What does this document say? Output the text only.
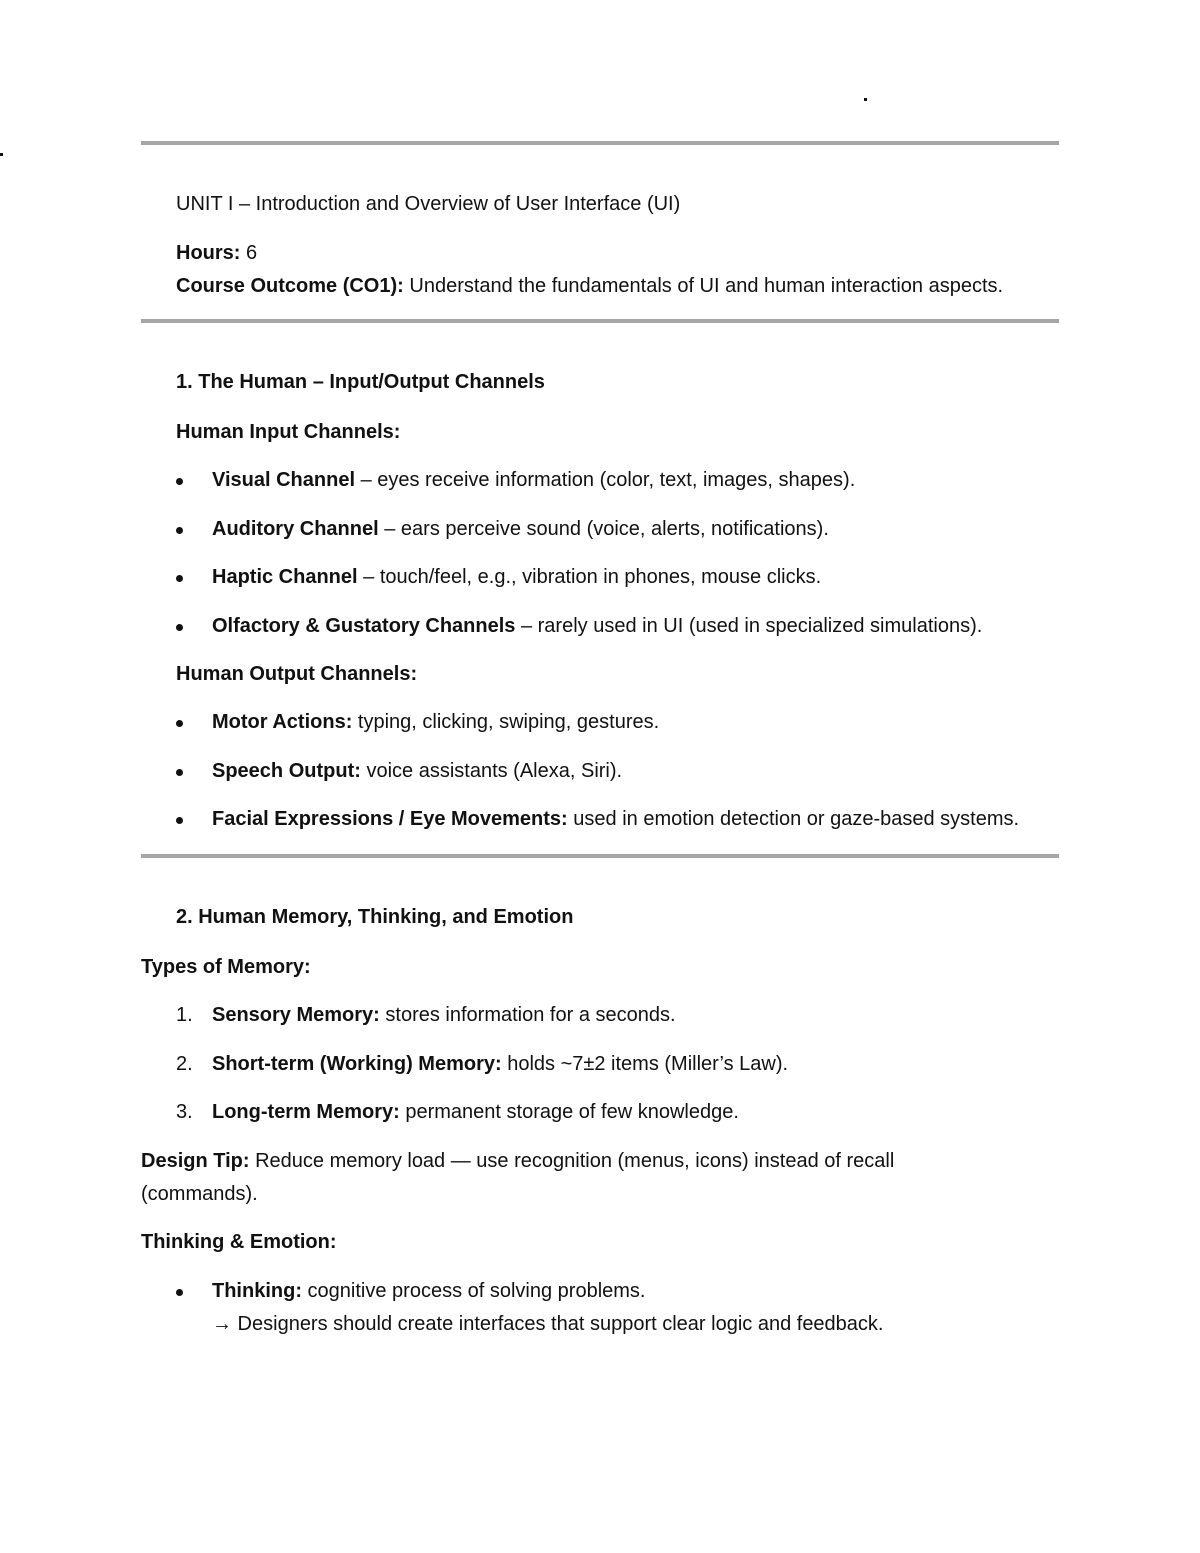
UNIT I – Introduction and Overview of User Interface (UI)
Hours: 6
Course Outcome (CO1): Understand the fundamentals of UI and human interaction aspects.
1. The Human – Input/Output Channels
Human Input Channels:
Visual Channel – eyes receive information (color, text, images, shapes).
Auditory Channel – ears perceive sound (voice, alerts, notifications).
Haptic Channel – touch/feel, e.g., vibration in phones, mouse clicks.
Olfactory & Gustatory Channels – rarely used in UI (used in specialized simulations).
Human Output Channels:
Motor Actions: typing, clicking, swiping, gestures.
Speech Output: voice assistants (Alexa, Siri).
Facial Expressions / Eye Movements: used in emotion detection or gaze-based systems.
2. Human Memory, Thinking, and Emotion
Types of Memory:
1. Sensory Memory: stores information for a seconds.
2. Short-term (Working) Memory: holds ~7±2 items (Miller’s Law).
3. Long-term Memory: permanent storage of few knowledge.
Design Tip: Reduce memory load — use recognition (menus, icons) instead of recall
(commands).
Thinking & Emotion:
Thinking: cognitive process of solving problems.
→ Designers should create interfaces that support clear logic and feedback.
